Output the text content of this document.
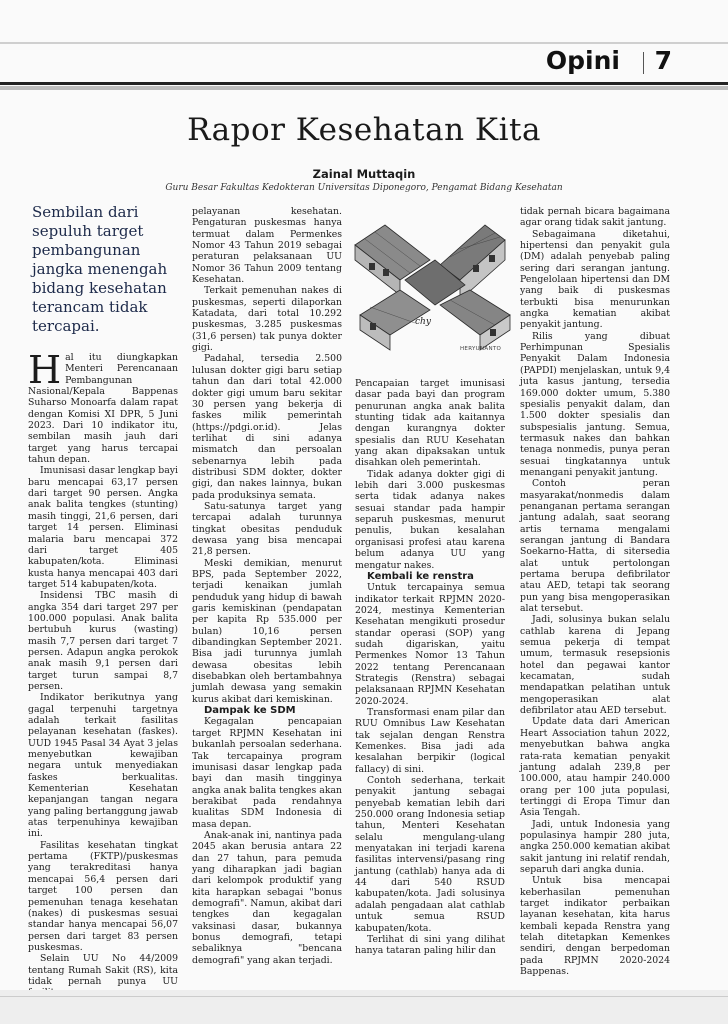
Opini 7
Rapor Kesehatan Kita
Zainal Muttaqin
Guru Besar Fakultas Kedokteran Universitas Diponegoro, Pengamat Bidang Kesehatan
Sembilan dari sepuluh target pembangunan jangka menengah bidang kesehatan terancam tidak tercapai.

Hal itu diungkapkan Menteri Perencanaan Pembangunan Nasional/Kepala Bappenas Suharso Monoarfa dalam rapat dengan Komisi XI DPR, 5 Juni 2023. Dari 10 indikator itu, sembilan masih jauh dari target yang harus tercapai tahun depan.

Imunisasi dasar lengkap bayi baru mencapai 63,17 persen dari target 90 persen. Angka anak balita tengkes (stunting) masih tinggi, 21,6 persen, dari target 14 persen. Eliminasi malaria baru mencapai 372 dari target 405 kabupaten/kota. Eliminasi kusta hanya mencapai 403 dari target 514 kabupaten/kota.

Insidensi TBC masih di angka 354 dari target 297 per 100.000 populasi. Anak balita bertubuh kurus (wasting) masih 7,7 persen dari target 7 persen. Adapun angka perokok anak masih 9,1 persen dari target turun sampai 8,7 persen.

Indikator berikutnya yang gagal terpenuhi targetnya adalah terkait fasilitas pelayanan kesehatan (faskes). UUD 1945 Pasal 34 Ayat 3 jelas menyebutkan kewajiban negara untuk menyediakan faskes berkualitas. Kementerian Kesehatan kepanjangan tangan negara yang paling bertanggung jawab atas terpenuhinya kewajiban ini.

Fasilitas kesehatan tingkat pertama (FKTP)/puskesmas yang terakreditasi hanya mencapai 56,4 persen dari target 100 persen dan pemenuhan tenaga kesehatan (nakes) di puskesmas sesuai standar hanya mencapai 56,07 persen dari target 83 persen puskesmas.

Selain UU No 44/2009 tentang Rumah Sakit (RS), kita tidak pernah punya UU

pelayanan kesehatan. Pengaturan puskesmas hanya termuat dalam Permenkes Nomor 43 Tahun 2019 sebagai peraturan pelaksanaan UU Nomor 36 Tahun 2009 tentang Kesehatan.

Terkait pemenuhan nakes di puskesmas, seperti dilaporkan Katadata, dari total 10.292 puskesmas, 3.285 puskesmas (31,6 persen) tak punya dokter gigi.

Padahal, tersedia 2.500 lulusan dokter gigi baru setiap tahun dan dari total 42.000 dokter gigi umum baru sekitar 30 persen yang bekerja di faskes milik pemerintah (https://pdgi.or.id). Jelas terlihat di sini adanya mismatch dan persoalan sebenarnya lebih pada distribusi SDM dokter, dokter gigi, dan nakes lainnya, bukan pada produksinya semata.

Satu-satunya target yang tercapai adalah turunnya tingkat obesitas penduduk dewasa yang bisa mencapai 21,8 persen.

Meski demikian, menurut BPS, pada September 2022, terjadi kenaikan jumlah penduduk yang hidup di bawah garis kemiskinan (pendapatan per kapita Rp 535.000 per bulan) 10,16 persen dibandingkan September 2021. Bisa jadi turunnya jumlah dewasa obesitas lebih disebabkan oleh bertambahnya jumlah dewasa yang semakin kurus akibat dari kemiskinan.

Dampak ke SDM

Kegagalan pencapaian target RPJMN Kesehatan ini bukanlah persoalan sederhana. Tak tercapainya program imunisasi dasar lengkap pada bayi dan masih tingginya angka anak balita tengkes akan berakibat pada rendahnya kualitas SDM Indonesia di masa depan.

Anak-anak ini, nantinya pada 2045 akan berusia antara 22 dan 27 tahun, para pemuda yang diharapkan jadi bagian dari kelompok produktif yang kita harapkan sebagai "bonus demografi". Namun, akibat dari tengkes dan kegagalan vaksinasi dasar, bukannya bonus demografi, tetapi sebaliknya "bencana demografi" yang akan terjadi.

chy
HERYUNANTO

Pencapaian target imunisasi dasar pada bayi dan program penurunan angka anak balita stunting tidak ada kaitannya dengan kurangnya dokter spesialis dan RUU Kesehatan yang akan dipaksakan untuk disahkan oleh pemerintah.

Tidak adanya dokter gigi di lebih dari 3.000 puskesmas serta tidak adanya nakes sesuai standar pada hampir separuh puskesmas, menurut penulis, bukan kesalahan organisasi profesi atau karena belum adanya UU yang mengatur nakes.

Kembali ke renstra

Untuk tercapainya semua indikator terkait RPJMN 2020-2024, mestinya Kementerian Kesehatan mengikuti prosedur standar operasi (SOP) yang sudah digariskan, yaitu Permenkes Nomor 13 Tahun 2022 tentang Perencanaan Strategis (Renstra) sebagai pelaksanaan RPJMN Kesehatan 2020-2024.

Transformasi enam pilar dan RUU Omnibus Law Kesehatan tak sejalan dengan Renstra Kemenkes. Bisa jadi ada kesalahan berpikir (logical fallacy) di sini.

Contoh sederhana, terkait penyakit jantung sebagai penyebab kematian lebih dari 250.000 orang Indonesia setiap tahun, Menteri Kesehatan selalu mengulang-ulang menyatakan ini terjadi karena fasilitas intervensi/pasang ring jantung (cathlab) hanya ada di 44 dari 540 RSUD kabupaten/kota. Jadi solusinya adalah pengadaan alat cathlab untuk semua RSUD kabupaten/kota.

Terlihat di sini yang dilihat hanya tataran paling hilir dan

tidak pernah bicara bagaimana agar orang tidak sakit jantung.

Sebagaimana diketahui, hipertensi dan penyakit gula (DM) adalah penyebab paling sering dari serangan jantung. Pengelolaan hipertensi dan DM yang baik di puskesmas terbukti bisa menurunkan angka kematian akibat penyakit jantung.

Rilis yang dibuat Perhimpunan Spesialis Penyakit Dalam Indonesia (PAPDI) menjelaskan, untuk 9,4 juta kasus jantung, tersedia 169.000 dokter umum, 5.380 spesialis penyakit dalam, dan 1.500 dokter spesialis dan subspesialis jantung. Semua, termasuk nakes dan bahkan tenaga nonmedis, punya peran sesuai tingkatannya untuk menangani penyakit jantung.

Contoh peran masyarakat/nonmedis dalam penanganan pertama serangan jantung adalah, saat seorang artis ternama mengalami serangan jantung di Bandara Soekarno-Hatta, di sitersedia alat untuk pertolongan pertama berupa defibrilator atau AED, tetapi tak seorang pun yang bisa mengoperasikan alat tersebut.

Jadi, solusinya bukan selalu cathlab karena di Jepang semua pekerja di tempat umum, termasuk resepsionis hotel dan pegawai kantor kecamatan, sudah mendapatkan pelatihan untuk mengoperasikan alat defibrilator atau AED tersebut.

Update data dari American Heart Association tahun 2022, menyebutkan bahwa angka rata-rata kematian penyakit jantung adalah 239,8 per 100.000, atau hampir 240.000 orang per 100 juta populasi, tertinggi di Eropa Timur dan Asia Tengah.

Jadi, untuk Indonesia yang populasinya hampir 280 juta, angka 250.000 kematian akibat sakit jantung ini relatif rendah, separuh dari angka dunia.

Untuk bisa mencapai keberhasilan pemenuhan target indikator perbaikan layanan kesehatan, kita harus kembali kepada Renstra yang telah ditetapkan Kemenkes sendiri, dengan berpedoman pada RPJMN 2020-2024 Bappenas.
